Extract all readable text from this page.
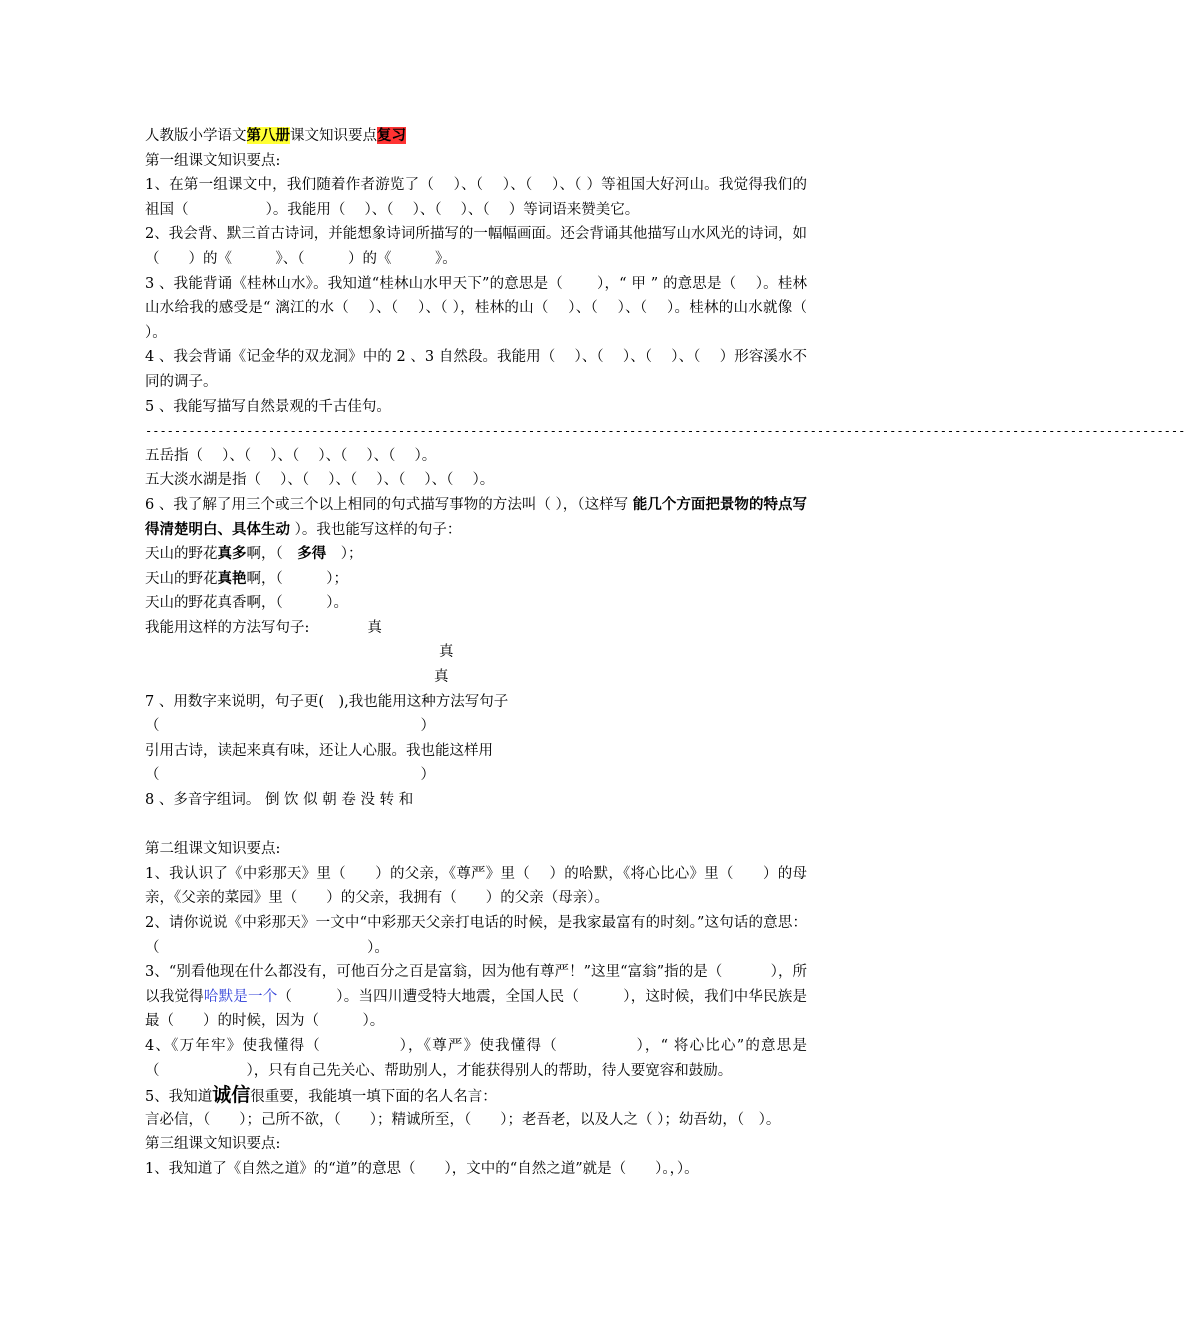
人教版小学语文第八册课文知识要点复习
第一组课文知识要点:
1、在第一组课文中，我们随着作者游览了（　 ）、（　 ）、（　 ）、（ ）等祖国大好河山。我觉得我们的祖国（　　　　　 ）。我能用（　 ）、（　 ）、（　 ）、（　 ）等词语来赞美它。
2、我会背、默三首古诗词，并能想象诗词所描写的一幅幅画面。还会背诵其他描写山水风光的诗词，如（　　）的《　　　》、（　　　）的《　　　》。
3 、我能背诵《桂林山水》。我知道“桂林山水甲天下”的意思是（　　 ），“ 甲 ” 的意思是（　 ）。桂林山水给我的感受是“ 漓江的水（　 ）、（　 ）、（ ），桂林的山（　 ）、（　 ）、（　 ）。桂林的山水就像（　　　　　　　　 ）。
4 、我会背诵《记金华的双龙洞》中的 2 、3 自然段。我能用（　 ）、（　 ）、（　 ）、（　 ）形容溪水不同的调子。
5 、我能写描写自然景观的千古佳句。
------------------------------------------------------------------------------------------------------------------------------------------------
五岳指（　 ）、（　 ）、（　 ）、（　 ）、（　 ）。
五大淡水湖是指（　 ）、（　 ）、（　 ）、（　 ）、（　 ）。
6 、我了解了用三个或三个以上相同的句式描写事物的方法叫（ ），（这样写 能几个方面把景物的特点写得清楚明白、具体生动 ）。我也能写这样的句子：
天山的野花真多啊，（　多得　）；
天山的野花真艳啊，（　　　）；
天山的野花真香啊，（　　　）。
我能用这样的方法写句子:	真
真
真
7 、用数字来说明，句子更(　),我也能用这种方法写句子
（　　　　　　　　　　　　　　　　　　）
引用古诗，读起来真有味，还让人心服。我也能这样用
（　　　　　　　　　　　　　　　　　　）
8 、多音字组词。 倒 饮 似 朝 卷 没 转 和
第二组课文知识要点:
1、我认识了《中彩那天》里（　　）的父亲，《尊严》里（　 ）的哈默，《将心比心》里（　　）的母亲，《父亲的菜园》里（　　）的父亲，我拥有（　　）的父亲（母亲）。
2、请你说说《中彩那天》一文中“中彩那天父亲打电话的时候，是我家最富有的时刻。”这句话的意思：（　　　　　　　　　　　　　　 ）。
3、“别看他现在什么都没有，可他百分之百是富翁，因为他有尊严！”这里“富翁”指的是（　　　 ），所以我觉得哈默是一个（　　　）。当四川遭受特大地震，全国人民（　　　），这时候，我们中华民族是最（　　）的时候，因为（　　　）。
4、《万年牢》使我懂得（　　　　　），《尊严》使我懂得（　　　　　），“ 将心比心”的意思是（　　　　　　），只有自己先关心、帮助别人，才能获得别人的帮助，待人要宽容和鼓励。
5、我知道诚信很重要，我能填一填下面的名人名言：
言必信，（　　）；己所不欲，（　　）；精诚所至，（　　）；老吾老，以及人之（ ）；幼吾幼，（　）。
第三组课文知识要点:
1、我知道了《自然之道》的“道”的意思（　　），文中的“自然之道”就是（　　）。，）。
